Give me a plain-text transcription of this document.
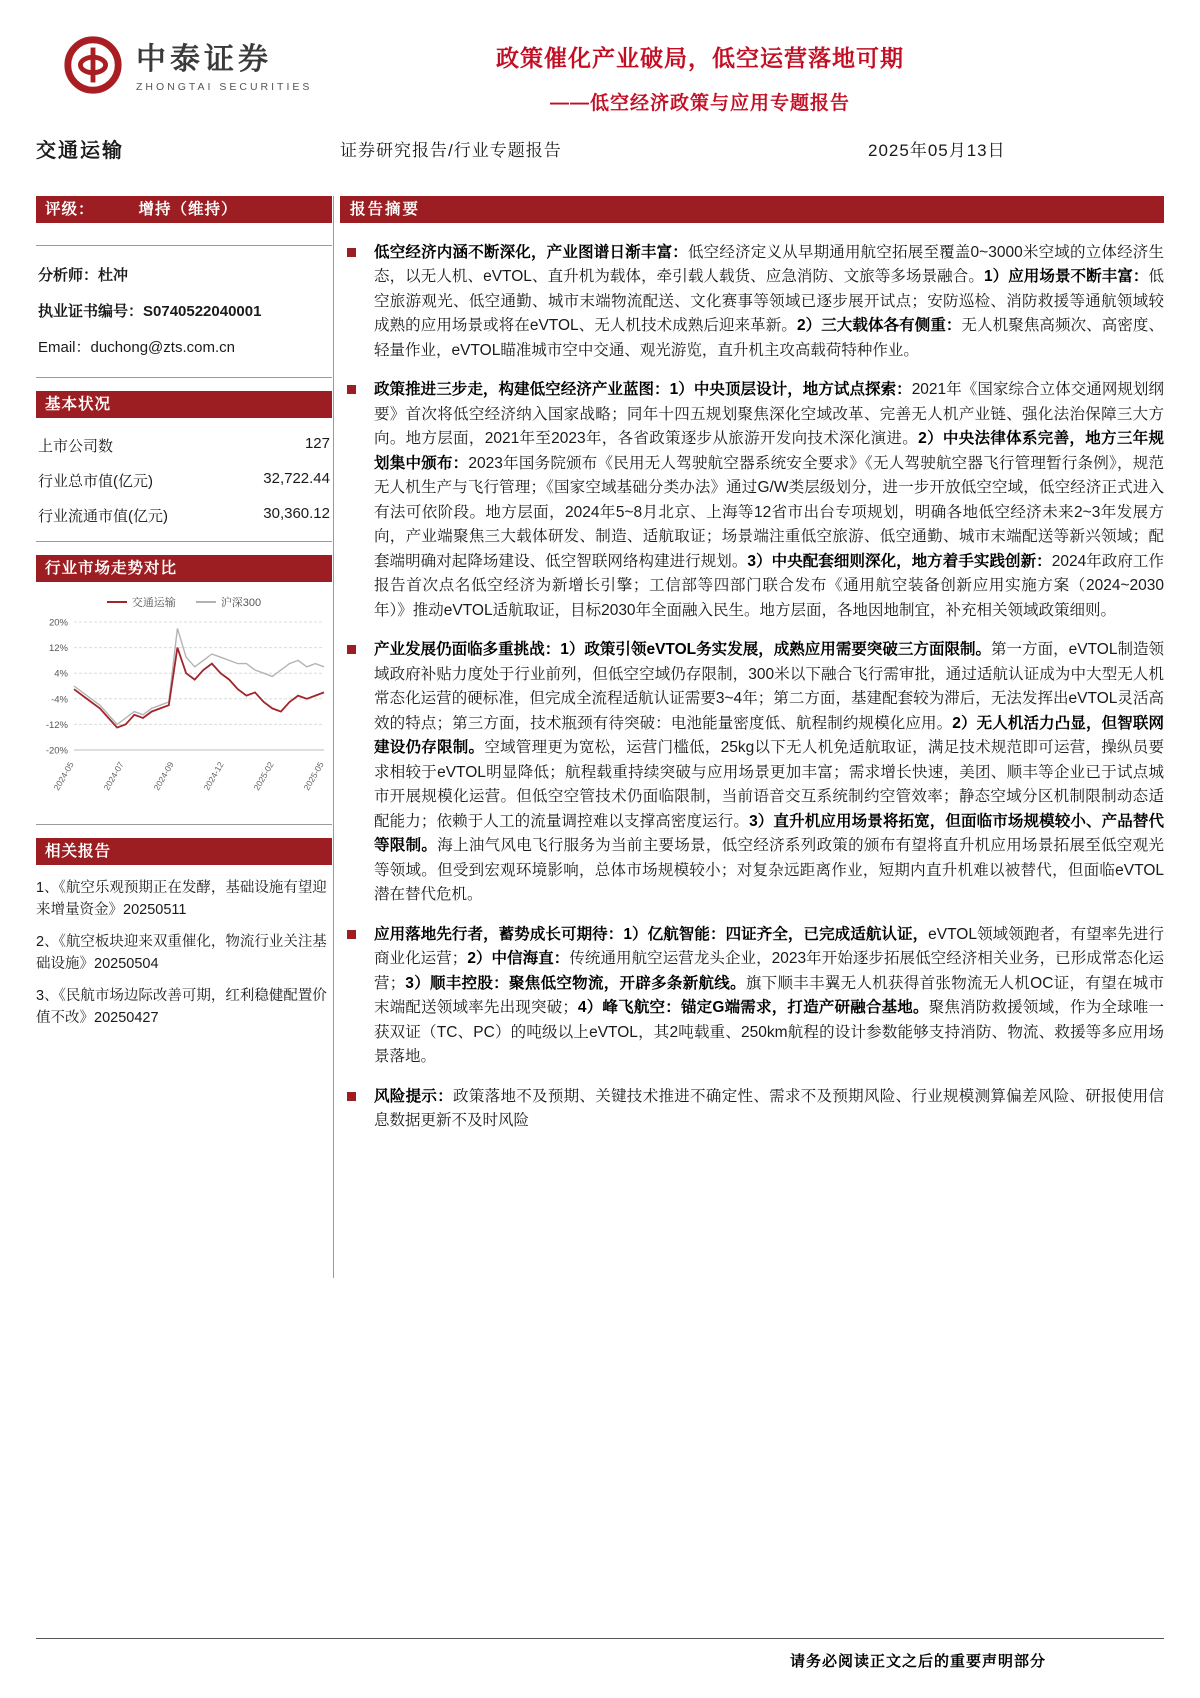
中泰证券
ZHONGTAI SECURITIES
政策催化产业破局，低空运营落地可期
——低空经济政策与应用专题报告
交通运输	证券研究报告/行业专题报告	2025年05月13日
评级：	增持（维持）

分析师：杜冲

执业证书编号：S0740522040001

Email：duchong@zts.com.cn

基本状况
上市公司数	127
行业总市值(亿元)	32,722.44
行业流通市值(亿元)	30,360.12
行业市场走势对比
交通运输	沪深300
20%
12%
4%
-4%
-12%
-20%
2024-05	2024-07	2024-09	2024-12	2025-02	2025-05
相关报告
1、《航空乐观预期正在发酵，基础设施有望迎来增量资金》20250511
2、《航空板块迎来双重催化，物流行业关注基础设施》20250504
3、《民航市场边际改善可期，红利稳健配置价值不改》20250427
报告摘要
低空经济内涵不断深化，产业图谱日渐丰富：低空经济定义从早期通用航空拓展至覆盖0~3000米空域的立体经济生态，以无人机、eVTOL、直升机为载体，牵引载人载货、应急消防、文旅等多场景融合。1）应用场景不断丰富：低空旅游观光、低空通勤、城市末端物流配送、文化赛事等领域已逐步展开试点；安防巡检、消防救援等通航领域较成熟的应用场景或将在eVTOL、无人机技术成熟后迎来革新。2）三大载体各有侧重：无人机聚焦高频次、高密度、轻量作业，eVTOL瞄准城市空中交通、观光游览，直升机主攻高载荷特种作业。
政策推进三步走，构建低空经济产业蓝图：1）中央顶层设计，地方试点探索：2021年《国家综合立体交通网规划纲要》首次将低空经济纳入国家战略；同年十四五规划聚焦深化空域改革、完善无人机产业链、强化法治保障三大方向。地方层面，2021年至2023年，各省政策逐步从旅游开发向技术深化演进。2）中央法律体系完善，地方三年规划集中颁布：2023年国务院颁布《民用无人驾驶航空器系统安全要求》《无人驾驶航空器飞行管理暂行条例》，规范无人机生产与飞行管理；《国家空域基础分类办法》通过G/W类层级划分，进一步开放低空空域，低空经济正式进入有法可依阶段。地方层面，2024年5~8月北京、上海等12省市出台专项规划，明确各地低空经济未来2~3年发展方向，产业端聚焦三大载体研发、制造、适航取证；场景端注重低空旅游、低空通勤、城市末端配送等新兴领域；配套端明确对起降场建设、低空智联网络构建进行规划。3）中央配套细则深化，地方着手实践创新：2024年政府工作报告首次点名低空经济为新增长引擎；工信部等四部门联合发布《通用航空装备创新应用实施方案（2024~2030年）》推动eVTOL适航取证，目标2030年全面融入民生。地方层面，各地因地制宜，补充相关领域政策细则。
产业发展仍面临多重挑战：1）政策引领eVTOL务实发展，成熟应用需要突破三方面限制。第一方面，eVTOL制造领域政府补贴力度处于行业前列，但低空空域仍存限制，300米以下融合飞行需审批，通过适航认证成为中大型无人机常态化运营的硬标准，但完成全流程适航认证需要3~4年；第二方面，基建配套较为滞后，无法发挥出eVTOL灵活高效的特点；第三方面，技术瓶颈有待突破：电池能量密度低、航程制约规模化应用。2）无人机活力凸显，但智联网建设仍存限制。空域管理更为宽松，运营门槛低，25kg以下无人机免适航取证，满足技术规范即可运营，操纵员要求相较于eVTOL明显降低；航程载重持续突破与应用场景更加丰富；需求增长快速，美团、顺丰等企业已于试点城市开展规模化运营。但低空空管技术仍面临限制，当前语音交互系统制约空管效率；静态空域分区机制限制动态适配能力；依赖于人工的流量调控难以支撑高密度运行。3）直升机应用场景将拓宽，但面临市场规模较小、产品替代等限制。海上油气风电飞行服务为当前主要场景，低空经济系列政策的颁布有望将直升机应用场景拓展至低空观光等领域。但受到宏观环境影响，总体市场规模较小；对复杂远距离作业，短期内直升机难以被替代，但面临eVTOL潜在替代危机。
应用落地先行者，蓄势成长可期待：1）亿航智能：四证齐全，已完成适航认证，eVTOL领域领跑者，有望率先进行商业化运营；2）中信海直：传统通用航空运营龙头企业，2023年开始逐步拓展低空经济相关业务，已形成常态化运营；3）顺丰控股：聚焦低空物流，开辟多条新航线。旗下顺丰丰翼无人机获得首张物流无人机OC证，有望在城市末端配送领域率先出现突破；4）峰飞航空：锚定G端需求，打造产研融合基地。聚焦消防救援领域，作为全球唯一获双证（TC、PC）的吨级以上eVTOL，其2吨载重、250km航程的设计参数能够支持消防、物流、救援等多应用场景落地。
风险提示：政策落地不及预期、关键技术推进不确定性、需求不及预期风险、行业规模测算偏差风险、研报使用信息数据更新不及时风险
请务必阅读正文之后的重要声明部分
